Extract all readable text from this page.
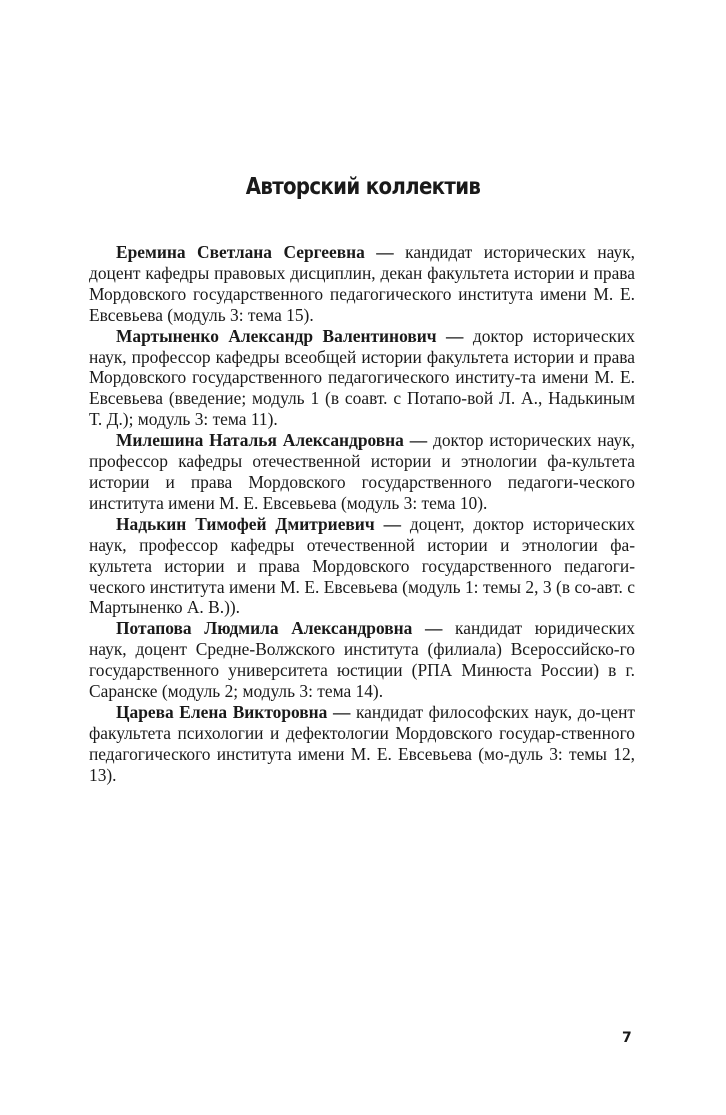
Авторский коллектив

Еремина Светлана Сергеевна — кандидат исторических наук, доцент кафедры правовых дисциплин, декан факультета истории и права Мордовского государственного педагогического института имени М. Е. Евсевьева (модуль 3: тема 15).

Мартыненко Александр Валентинович — доктор исторических наук, профессор кафедры всеобщей истории факультета истории и права Мордовского государственного педагогического институ-та имени М. Е. Евсевьева (введение; модуль 1 (в соавт. с Потапо-вой Л. А., Надькиным Т. Д.); модуль 3: тема 11).

Милешина Наталья Александровна — доктор исторических наук, профессор кафедры отечественной истории и этнологии фа-культета истории и права Мордовского государственного педагоги-ческого института имени М. Е. Евсевьева (модуль 3: тема 10).

Надькин Тимофей Дмитриевич — доцент, доктор исторических наук, профессор кафедры отечественной истории и этнологии фа-культета истории и права Мордовского государственного педагоги-ческого института имени М. Е. Евсевьева (модуль 1: темы 2, 3 (в со-авт. с Мартыненко А. В.)).

Потапова Людмила Александровна — кандидат юридических наук, доцент Средне-Волжского института (филиала) Всероссийско-го государственного университета юстиции (РПА Минюста России) в г. Саранске (модуль 2; модуль 3: тема 14).

Царева Елена Викторовна — кандидат философских наук, до-цент факультета психологии и дефектологии Мордовского государ-ственного педагогического института имени М. Е. Евсевьева (мо-дуль 3: темы 12, 13).

7
